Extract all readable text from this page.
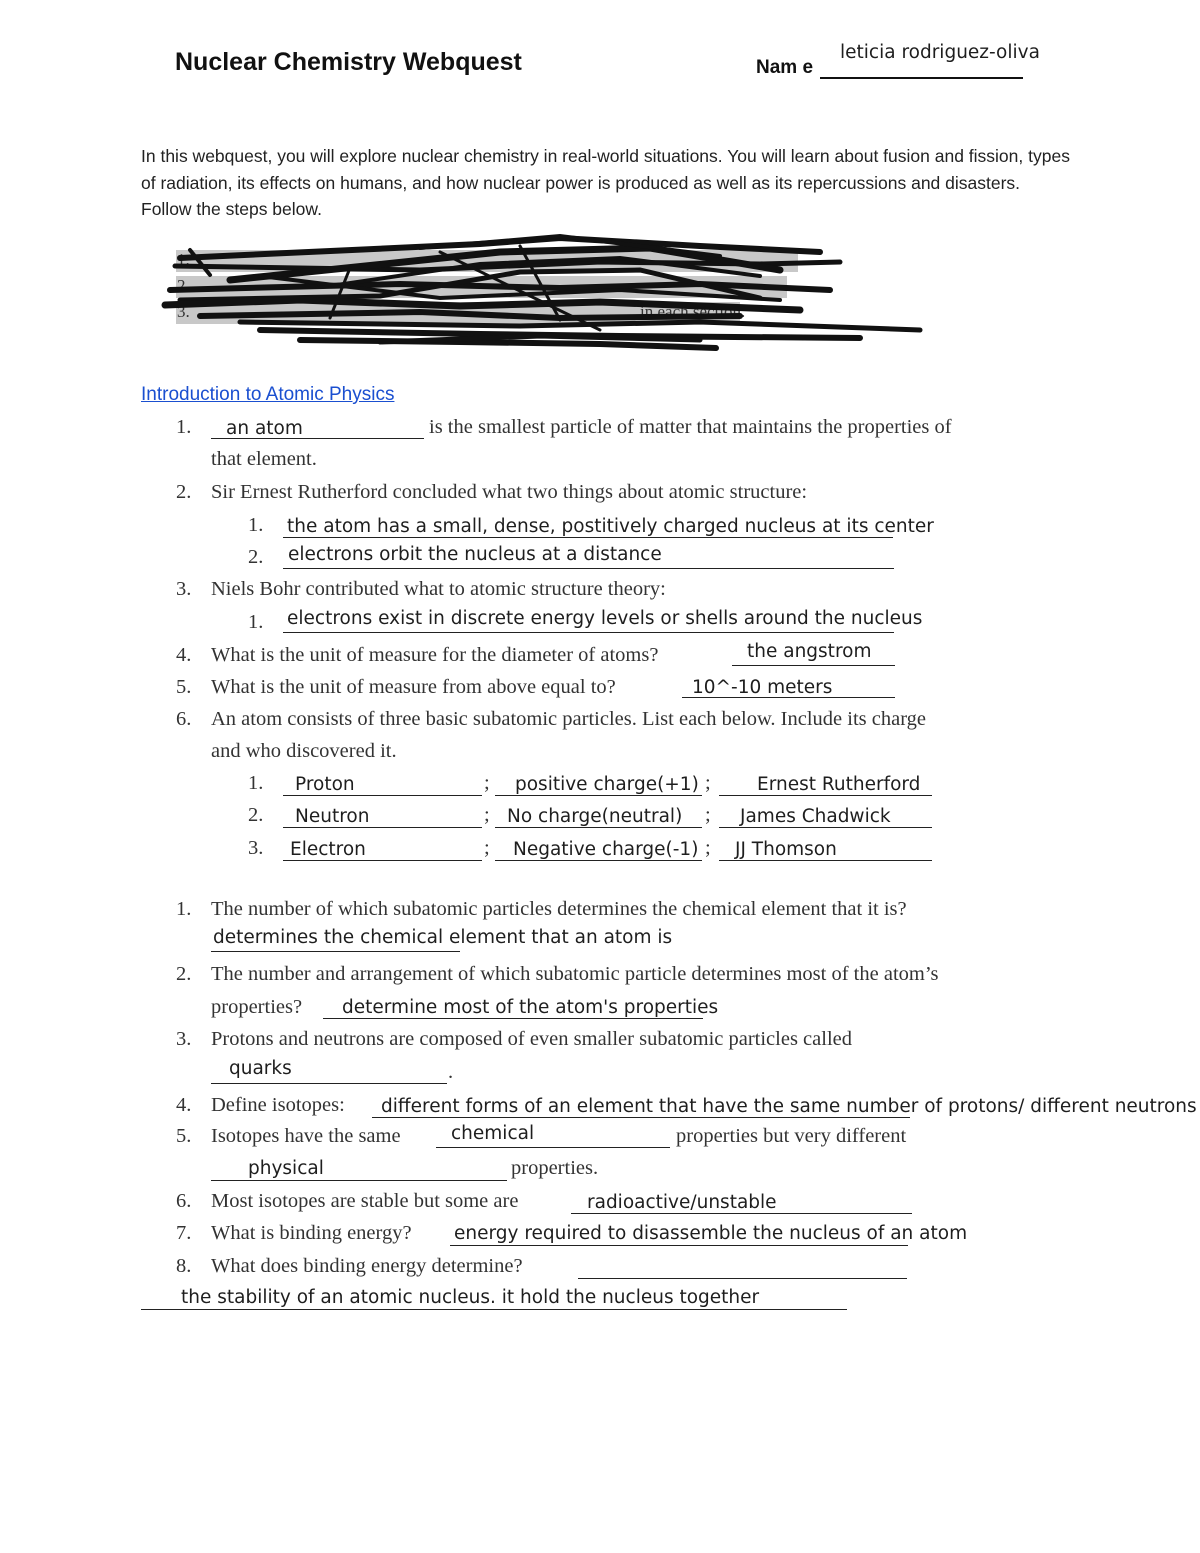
Nuclear Chemistry Webquest	Nam e
leticia rodriguez-oliva
In this webquest, you will explore nuclear chemistry in real-world situations. You will learn about fusion and fission, types of radiation, its effects on humans, and how nuclear power is produced as well as its repercussions and disasters. Follow the steps below.
1.
2.
3.	in each section.
Introduction to Atomic Physics
1. an atom	is the smallest particle of matter that maintains the properties of
that element.
2. Sir Ernest Rutherford concluded what two things about atomic structure:
1. the atom has a small, dense, postitively charged nucleus at its center
2. electrons orbit the nucleus at a distance
3. Niels Bohr contributed what to atomic structure theory:
1. electrons exist in discrete energy levels or shells around the nucleus
4. What is the unit of measure for the diameter of atoms?	the angstrom
5. What is the unit of measure from above equal to?	10^-10 meters
6. An atom consists of three basic subatomic particles. List each below. Include its charge
and who discovered it.
1. Proton	; positive charge(+1) ;	Ernest Rutherford
2. Neutron	; No charge(neutral) ; James Chadwick
3. Electron	; Negative charge(-1) ; JJ Thomson
1. The number of which subatomic particles determines the chemical element that it is?
determines the chemical element that an atom is
2. The number and arrangement of which subatomic particle determines most of the atom’s
properties? determine most of the atom's properties
3. Protons and neutrons are composed of even smaller subatomic particles called
quarks	.
4. Define isotopes: different forms of an element that have the same number of protons/ different neutrons
5. Isotopes have the same	chemical	properties but very different
physical	properties.
6. Most isotopes are stable but some are	radioactive/unstable
7. What is binding energy? energy required to disassemble the nucleus of an atom
8. What does binding energy determine?
the stability of an atomic nucleus. it hold the nucleus together
